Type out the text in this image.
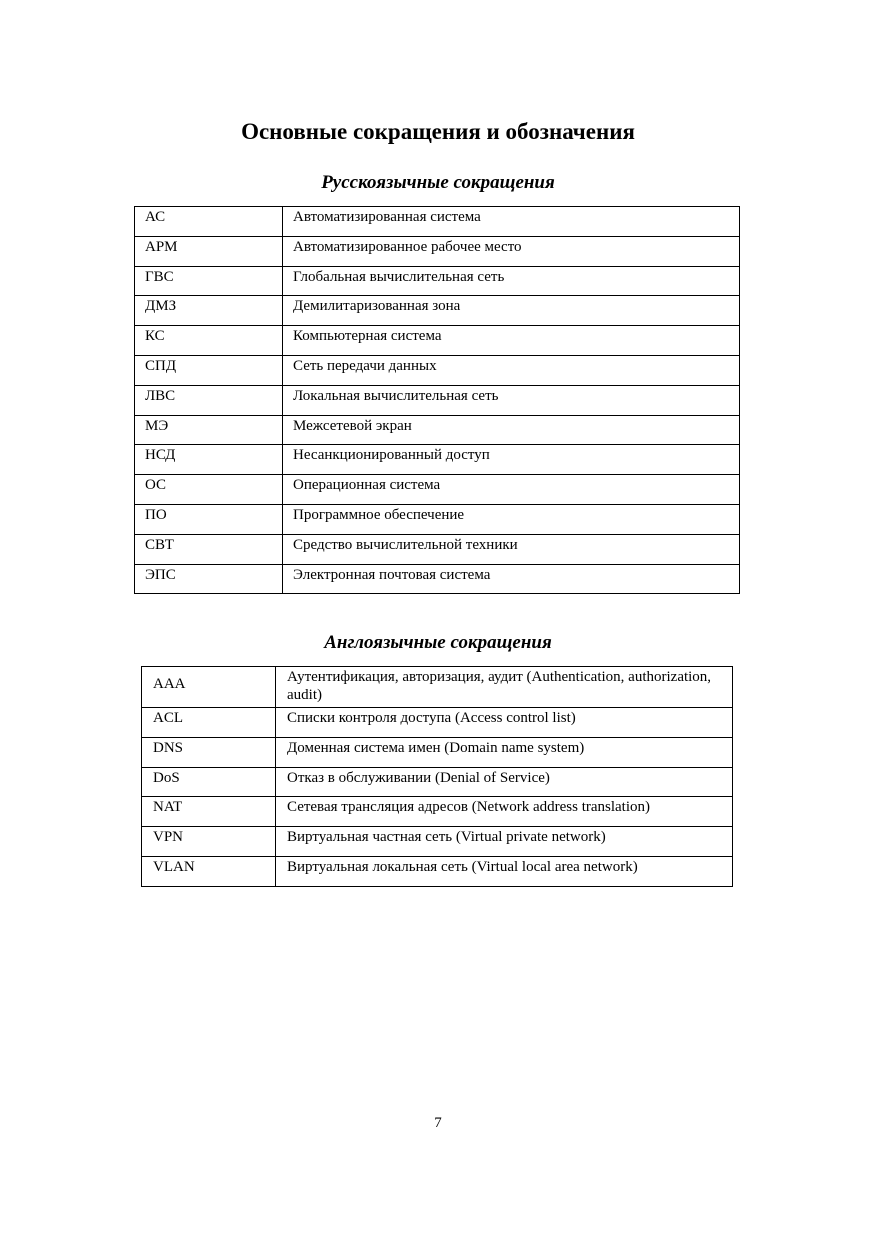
Основные сокращения и обозначения
Русскоязычные сокращения
АС	Автоматизированная система
АРМ	Автоматизированное рабочее место
ГВС	Глобальная вычислительная сеть
ДМЗ	Демилитаризованная зона
КС	Компьютерная система
СПД	Сеть передачи данных
ЛВС	Локальная вычислительная сеть
МЭ	Межсетевой экран
НСД	Несанкционированный доступ
ОС	Операционная система
ПО	Программное обеспечение
СВТ	Средство вычислительной техники
ЭПС	Электронная почтовая система
Англоязычные сокращения
AAA	Аутентификация, авторизация, аудит (Authentication, authorization, audit)
ACL	Списки контроля доступа (Access control list)
DNS	Доменная система имен (Domain name system)
DoS	Отказ в обслуживании (Denial of Service)
NAT	Сетевая трансляция адресов (Network address translation)
VPN	Виртуальная частная сеть (Virtual private network)
VLAN	Виртуальная локальная сеть (Virtual local area network)
7
